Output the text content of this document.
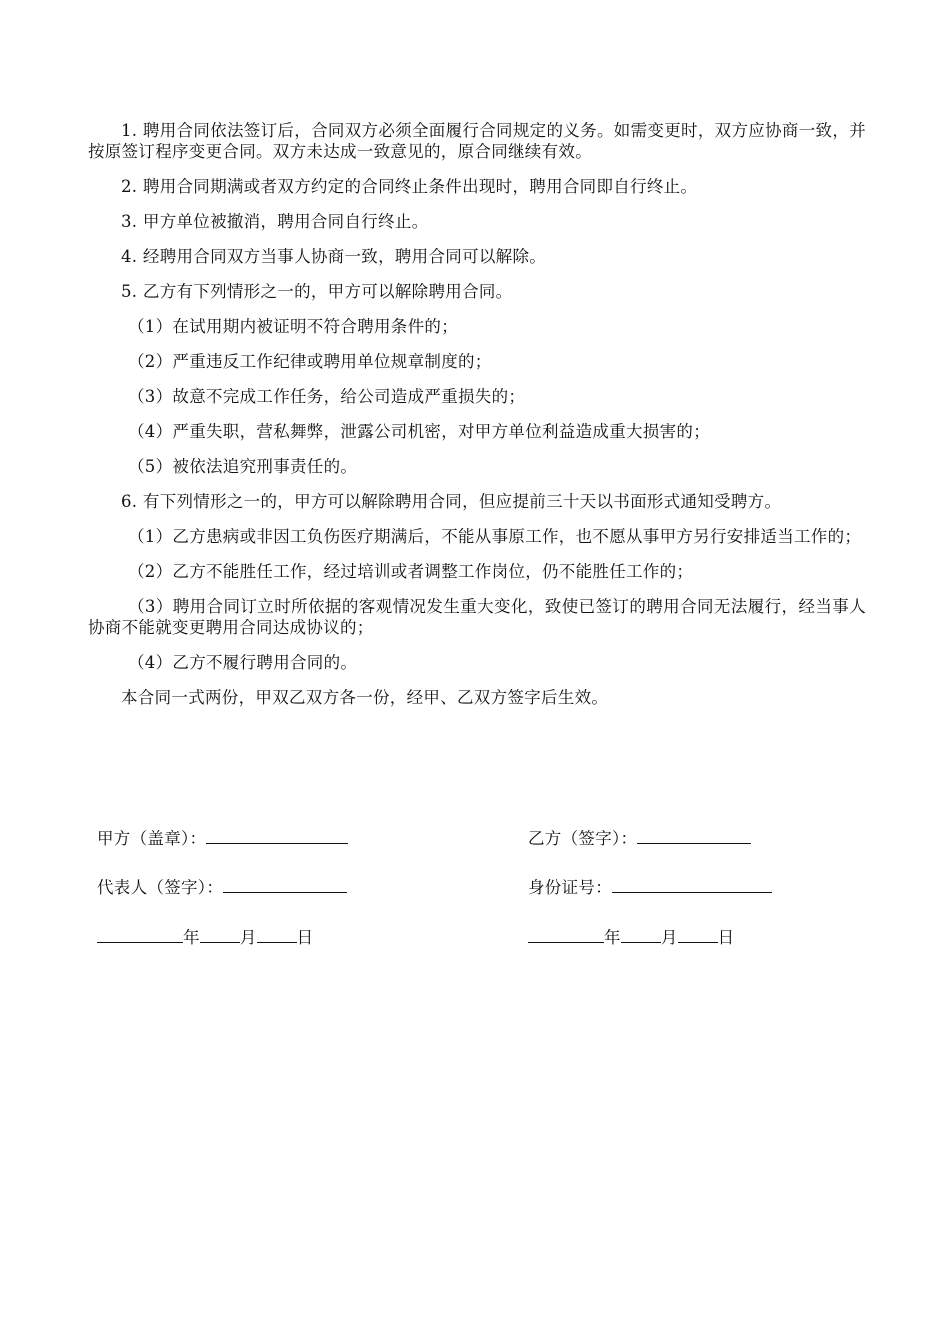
1. 聘用合同依法签订后，合同双方必须全面履行合同规定的义务。如需变更时，双方应协商一致，并按原签订程序变更合同。双方未达成一致意见的，原合同继续有效。

2. 聘用合同期满或者双方约定的合同终止条件出现时，聘用合同即自行终止。

3. 甲方单位被撤消，聘用合同自行终止。

4. 经聘用合同双方当事人协商一致，聘用合同可以解除。

5. 乙方有下列情形之一的，甲方可以解除聘用合同。

（1）在试用期内被证明不符合聘用条件的；

（2）严重违反工作纪律或聘用单位规章制度的；

（3）故意不完成工作任务，给公司造成严重损失的；

（4）严重失职，营私舞弊，泄露公司机密，对甲方单位利益造成重大损害的；

（5）被依法追究刑事责任的。

6. 有下列情形之一的，甲方可以解除聘用合同，但应提前三十天以书面形式通知受聘方。

（1）乙方患病或非因工负伤医疗期满后，不能从事原工作，也不愿从事甲方另行安排适当工作的；

（2）乙方不能胜任工作，经过培训或者调整工作岗位，仍不能胜任工作的；

（3）聘用合同订立时所依据的客观情况发生重大变化，致使已签订的聘用合同无法履行，经当事人协商不能就变更聘用合同达成协议的；

（4）乙方不履行聘用合同的。

本合同一式两份，甲双乙双方各一份，经甲、乙双方签字后生效。

甲方（盖章）：
代表人（签字）：
年 月 日
乙方（签字）：
身份证号：
年 月 日
